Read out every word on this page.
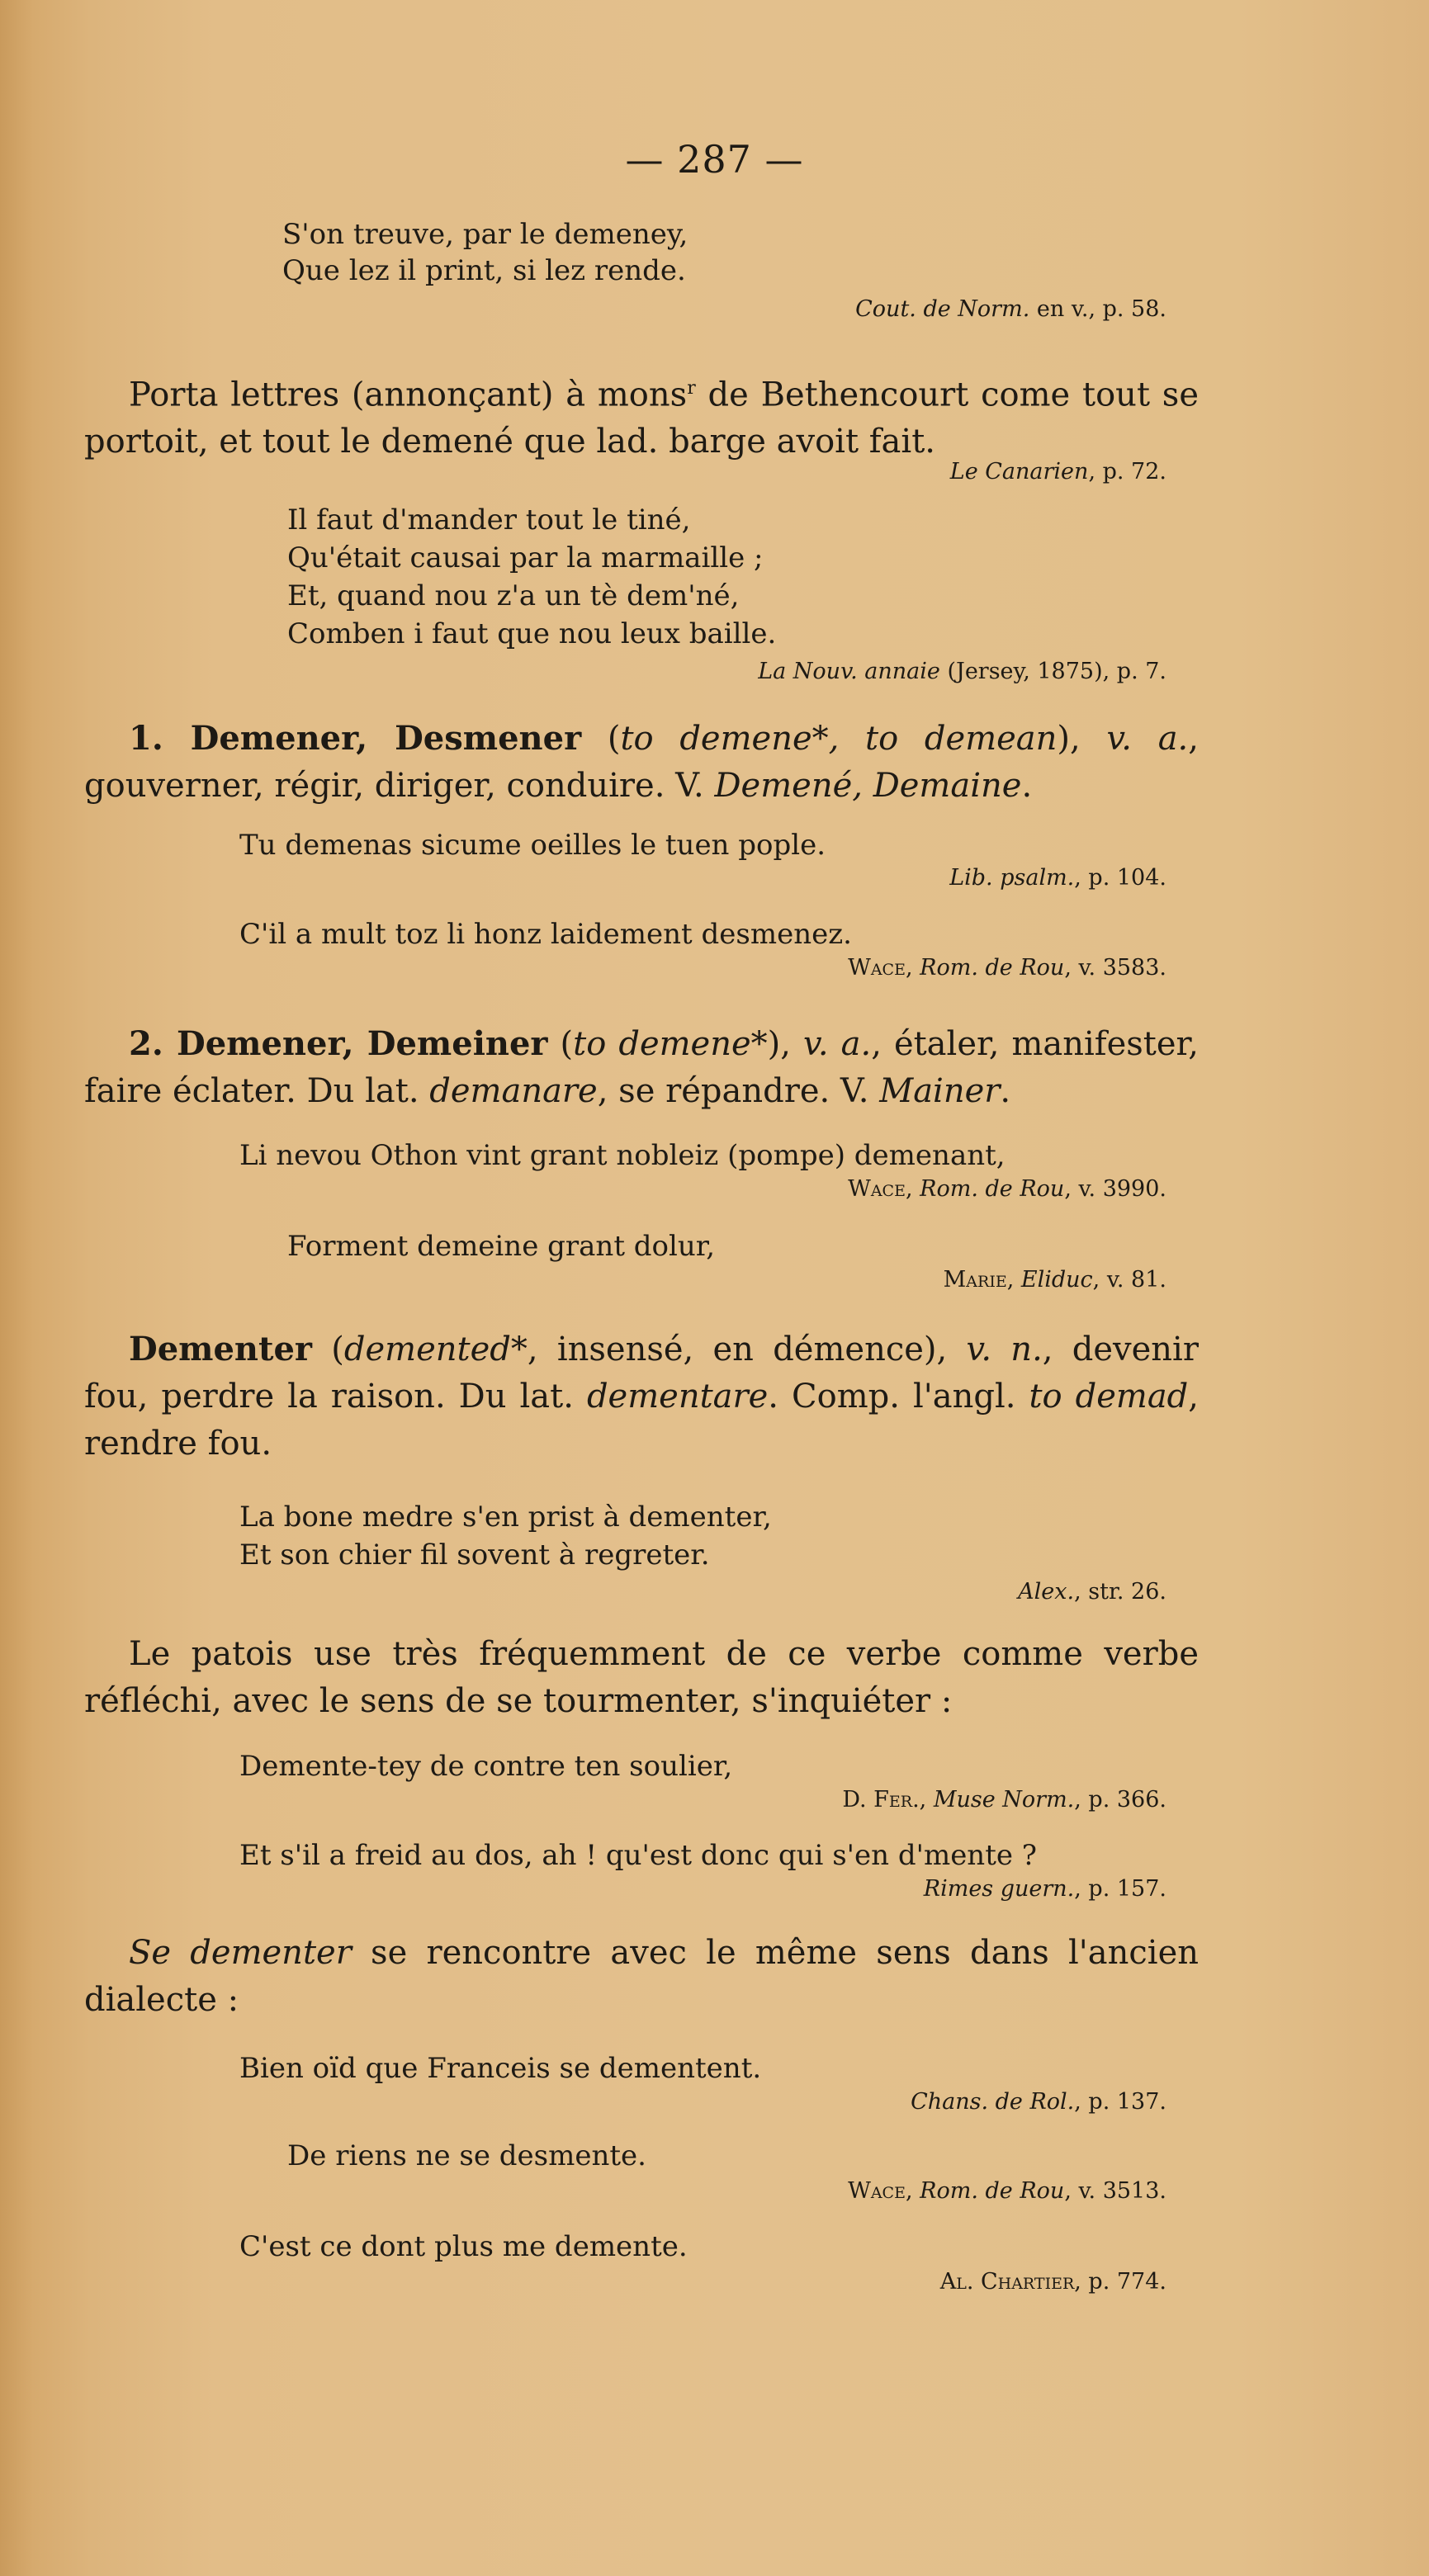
— 287 —
S'on treuve, par le demeney,
Que lez il print, si lez rende.
Cout. de Norm. en v., p. 58.
Porta lettres (annonçant) à mons$^r$ de Bethencourt come tout se portoit, et tout le demené que lad. barge avoit fait.
Le Canarien, p. 72.
Il faut d'mander tout le tiné,
Qu'était causai par la marmaille ;
Et, quand nou z'a un tè dem'né,
Comben i faut que nou leux baille.
La Nouv. annaie (Jersey, 1875), p. 7.
1. Demener, Desmener (to demene*, to demean), v. a., gouverner, régir, diriger, conduire. V. Demené, Demaine.
Tu demenas sicume oeilles le tuen pople.
Lib. psalm., p. 104.
C'il a mult toz li honz laidement desmenez.
Wace, Rom. de Rou, v. 3583.
2. Demener, Demeiner (to demene*), v. a., étaler, manifester, faire éclater. Du lat. demanare, se répandre. V. Mainer.
Li nevou Othon vint grant nobleiz (pompe) demenant,
Wace, Rom. de Rou, v. 3990.
Forment demeine grant dolur,
Marie, Eliduc, v. 81.
Dementer (demented*, insensé, en démence), v. n., devenir fou, perdre la raison. Du lat. dementare. Comp. l'angl. to demad, rendre fou.
La bone medre s'en prist à dementer,
Et son chier fil sovent à regreter.
Alex., str. 26.
Le patois use très fréquemment de ce verbe comme verbe réfléchi, avec le sens de se tourmenter, s'inquiéter :
Demente-tey de contre ten soulier,
D. Fer., Muse Norm., p. 366.
Et s'il a freid au dos, ah ! qu'est donc qui s'en d'mente ?
Rimes guern., p. 157.
Se dementer se rencontre avec le même sens dans l'ancien dialecte :
Bien oïd que Franceis se dementent.
Chans. de Rol., p. 137.
De riens ne se desmente.
Wace, Rom. de Rou, v. 3513.
C'est ce dont plus me demente.
Al. Chartier, p. 774.
